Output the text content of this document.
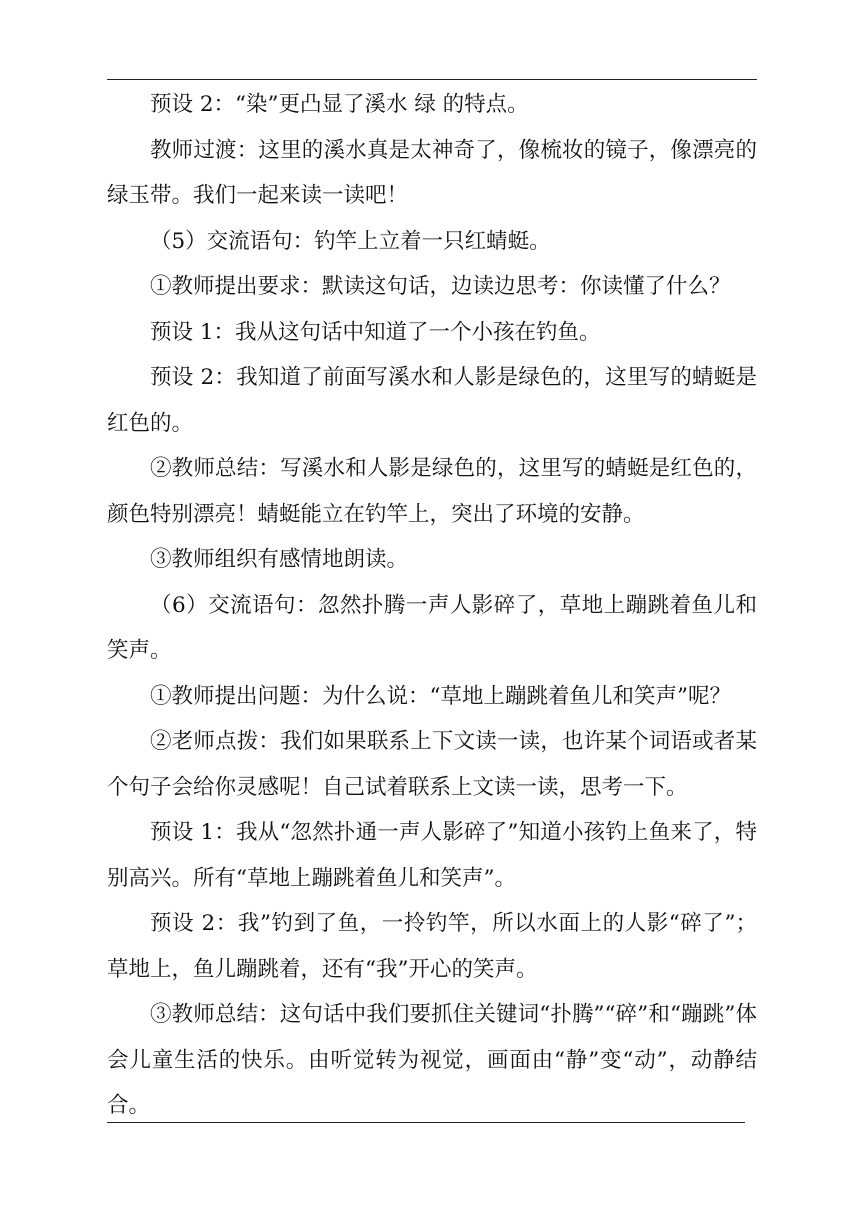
预设 2：“染”更凸显了溪水 绿 的特点。

教师过渡：这里的溪水真是太神奇了，像梳妆的镜子，像漂亮的绿玉带。我们一起来读一读吧！

（5）交流语句：钓竿上立着一只红蜻蜓。

①教师提出要求：默读这句话，边读边思考：你读懂了什么？

预设 1：我从这句话中知道了一个小孩在钓鱼。

预设 2：我知道了前面写溪水和人影是绿色的，这里写的蜻蜓是红色的。

②教师总结：写溪水和人影是绿色的，这里写的蜻蜓是红色的，颜色特别漂亮！蜻蜓能立在钓竿上，突出了环境的安静。

③教师组织有感情地朗读。

（6）交流语句：忽然扑腾一声人影碎了，草地上蹦跳着鱼儿和笑声。

①教师提出问题：为什么说：“草地上蹦跳着鱼儿和笑声”呢？

②老师点拨：我们如果联系上下文读一读，也许某个词语或者某个句子会给你灵感呢！自己试着联系上文读一读，思考一下。

预设 1：我从“忽然扑通一声人影碎了”知道小孩钓上鱼来了，特别高兴。所有“草地上蹦跳着鱼儿和笑声”。

预设 2：我”钓到了鱼，一拎钓竿，所以水面上的人影“碎了”；草地上，鱼儿蹦跳着，还有“我”开心的笑声。

③教师总结：这句话中我们要抓住关键词“扑腾”“碎”和“蹦跳”体会儿童生活的快乐。由听觉转为视觉，画面由“静”变“动”，动静结合。
